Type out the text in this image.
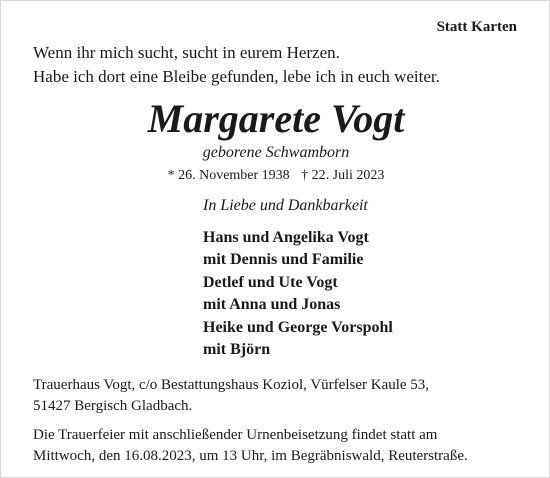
Statt Karten
Wenn ihr mich sucht, sucht in eurem Herzen.
Habe ich dort eine Bleibe gefunden, lebe ich in euch weiter.
Margarete Vogt
geborene Schwamborn
* 26. November 1938 † 22. Juli 2023
In Liebe und Dankbarkeit
Hans und Angelika Vogt
mit Dennis und Familie
Detlef und Ute Vogt
mit Anna und Jonas
Heike und George Vorspohl
mit Björn
Trauerhaus Vogt, c/o Bestattungshaus Koziol, Vürfelser Kaule 53,
51427 Bergisch Gladbach.
Die Trauerfeier mit anschließender Urnenbeisetzung findet statt am
Mittwoch, den 16.08.2023, um 13 Uhr, im Begräbniswald, Reuterstraße.
